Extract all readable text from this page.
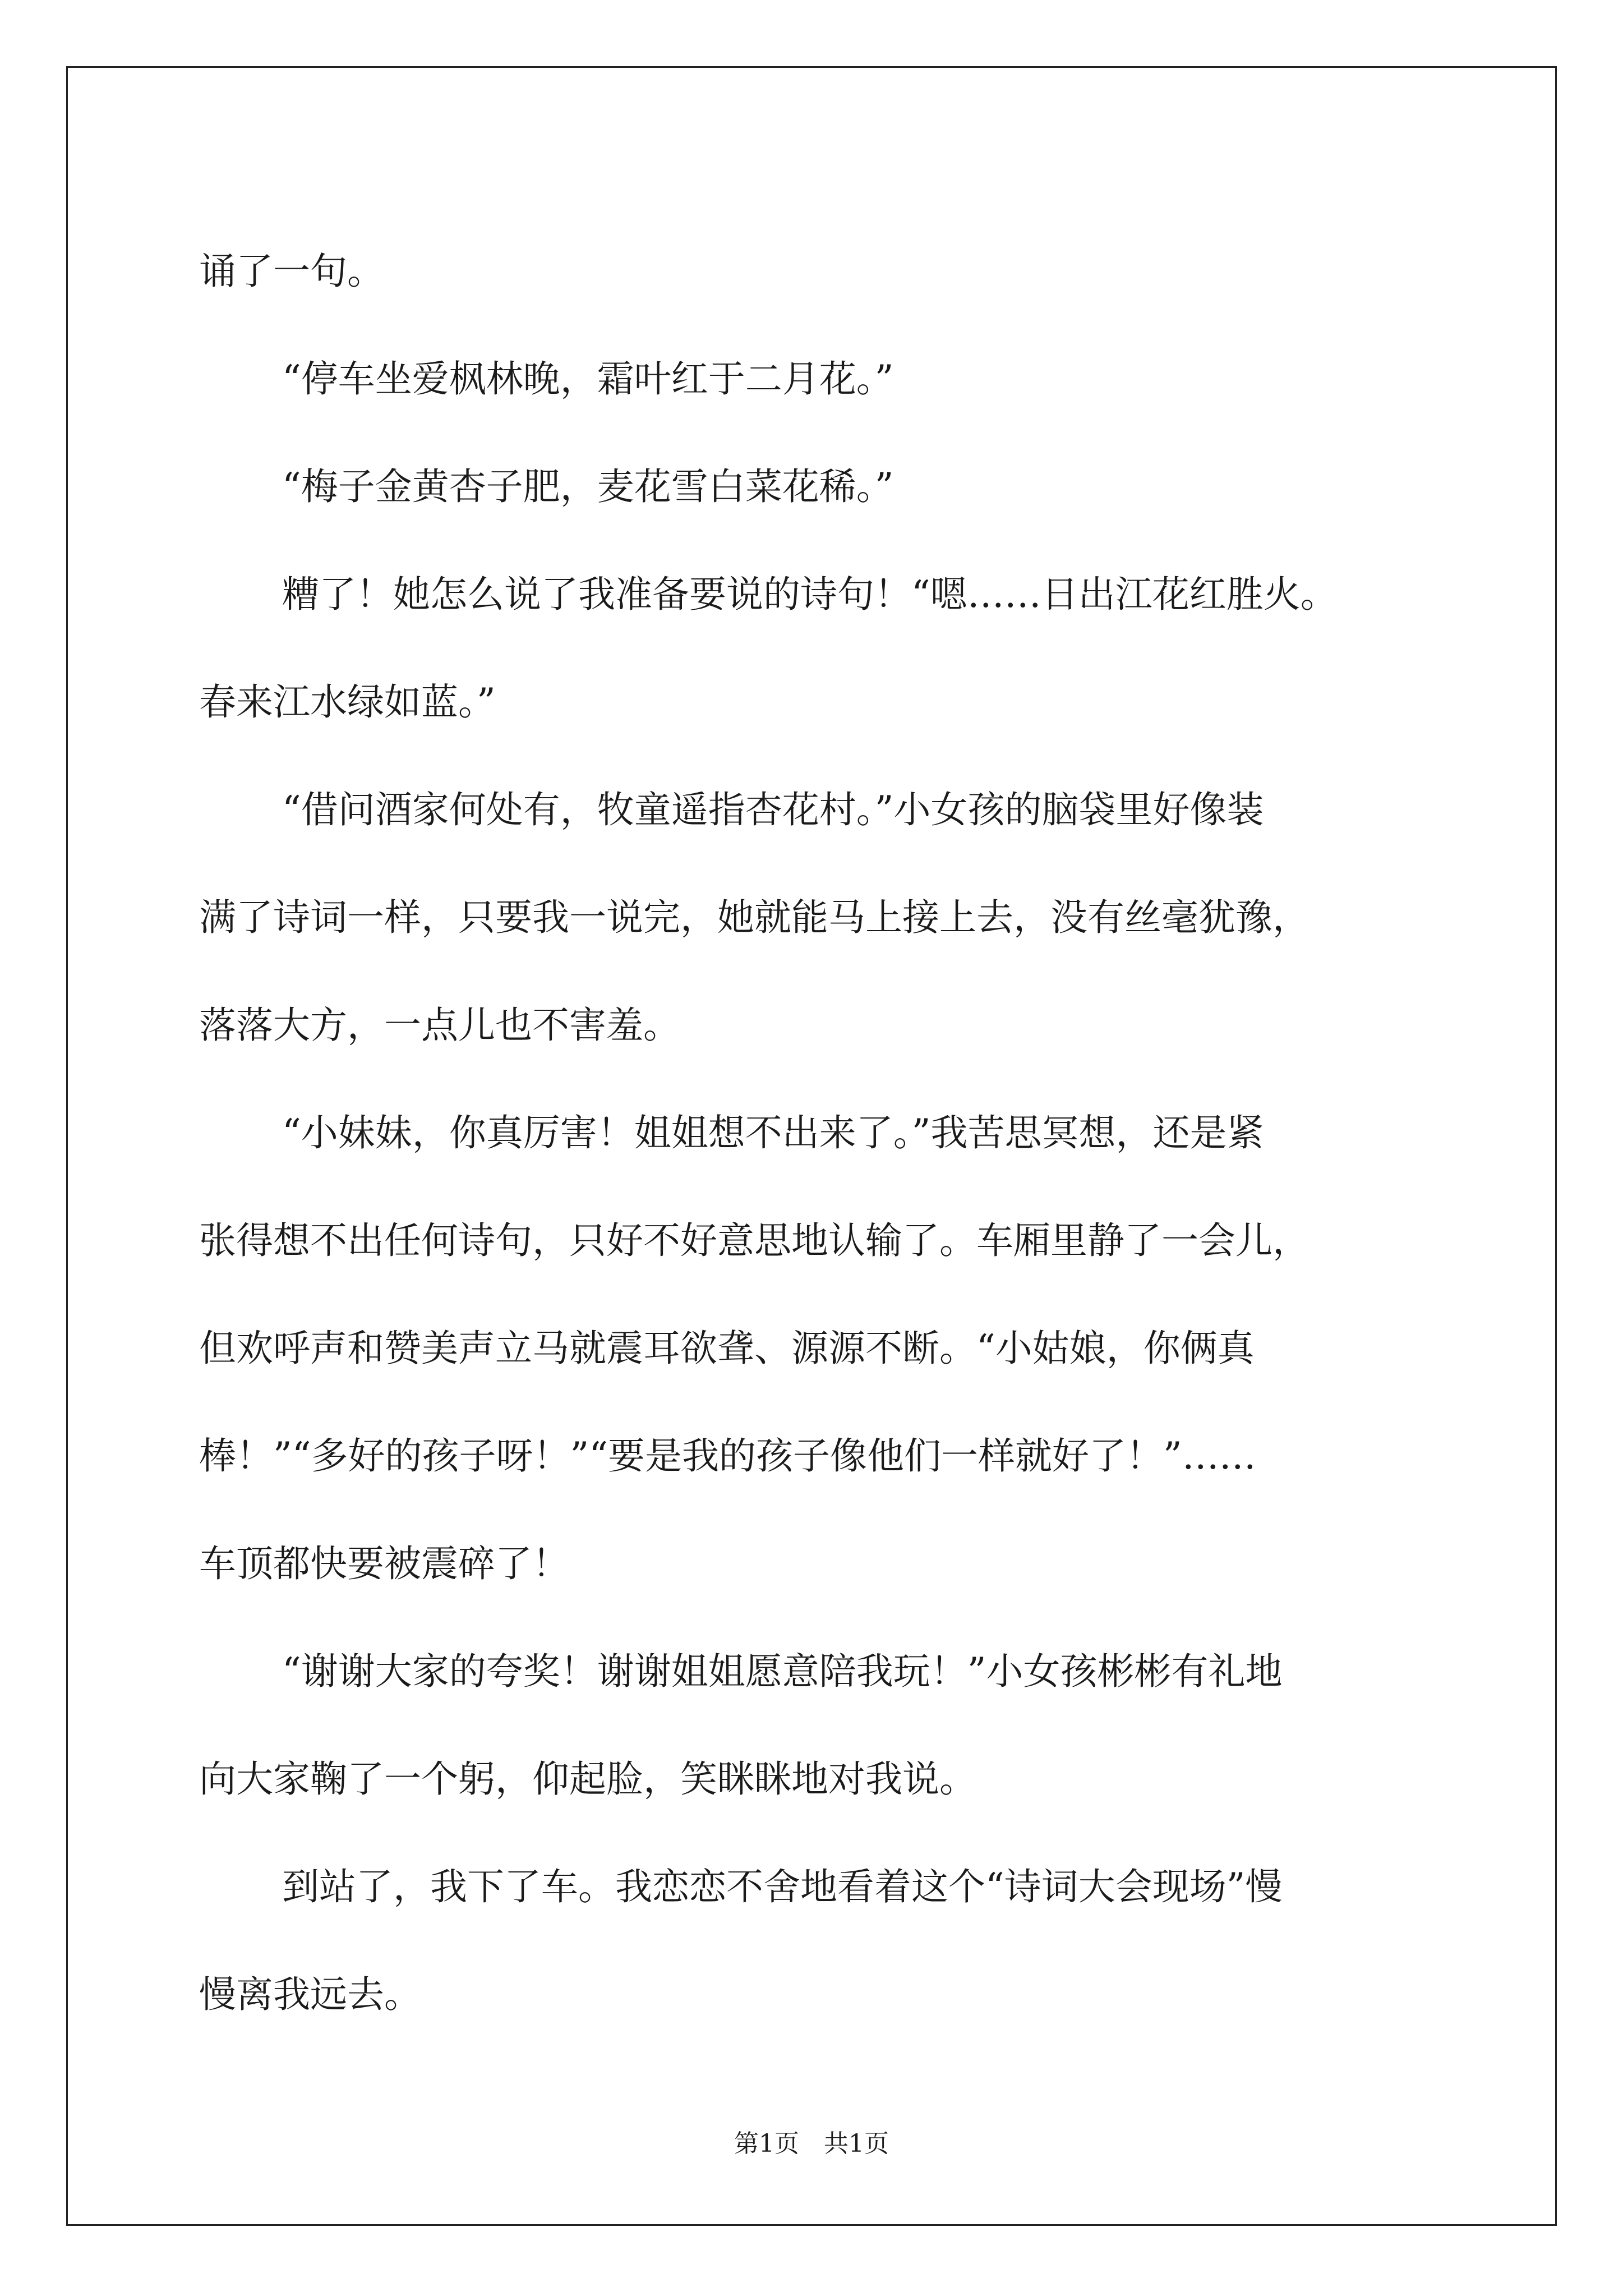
诵了一句。
“停车坐爱枫林晚，霜叶红于二月花。”
“梅子金黄杏子肥，麦花雪白菜花稀。”
糟了！她怎么说了我准备要说的诗句！“嗯……日出江花红胜火。
春来江水绿如蓝。”
“借问酒家何处有，牧童遥指杏花村。”小女孩的脑袋里好像装
满了诗词一样，只要我一说完，她就能马上接上去，没有丝毫犹豫，
落落大方，一点儿也不害羞。
“小妹妹，你真厉害！姐姐想不出来了。”我苦思冥想，还是紧
张得想不出任何诗句，只好不好意思地认输了。车厢里静了一会儿，
但欢呼声和赞美声立马就震耳欲聋、源源不断。“小姑娘，你俩真
棒！”“多好的孩子呀！”“要是我的孩子像他们一样就好了！”……
车顶都快要被震碎了！
“谢谢大家的夸奖！谢谢姐姐愿意陪我玩！”小女孩彬彬有礼地
向大家鞠了一个躬，仰起脸，笑眯眯地对我说。
到站了，我下了车。我恋恋不舍地看着这个“诗词大会现场”慢
慢离我远去。
第1页　共1页
